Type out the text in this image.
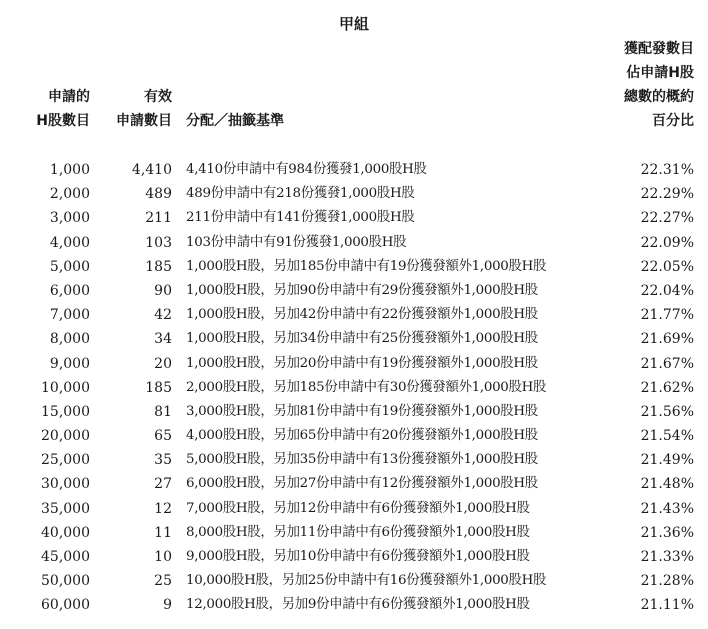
甲組
申請的
H股數目
有效
申請數目 分配／抽籤基準
獲配發數目
佔申請H股
總數的概約
百分比
1,000	4,410 4,410份申請中有984份獲發1,000股H股	22.31%
2,000	489 489份申請中有218份獲發1,000股H股	22.29%
3,000	211 211份申請中有141份獲發1,000股H股	22.27%
4,000	103 103份申請中有91份獲發1,000股H股	22.09%
5,000	185 1,000股H股，另加185份申請中有19份獲發額外1,000股H股	22.05%
6,000	90 1,000股H股，另加90份申請中有29份獲發額外1,000股H股	22.04%
7,000	42 1,000股H股，另加42份申請中有22份獲發額外1,000股H股	21.77%
8,000	34 1,000股H股，另加34份申請中有25份獲發額外1,000股H股	21.69%
9,000	20 1,000股H股，另加20份申請中有19份獲發額外1,000股H股	21.67%
10,000	185 2,000股H股，另加185份申請中有30份獲發額外1,000股H股	21.62%
15,000	81 3,000股H股，另加81份申請中有19份獲發額外1,000股H股	21.56%
20,000	65 4,000股H股，另加65份申請中有20份獲發額外1,000股H股	21.54%
25,000	35 5,000股H股，另加35份申請中有13份獲發額外1,000股H股	21.49%
30,000	27 6,000股H股，另加27份申請中有12份獲發額外1,000股H股	21.48%
35,000	12 7,000股H股，另加12份申請中有6份獲發額外1,000股H股	21.43%
40,000	11 8,000股H股，另加11份申請中有6份獲發額外1,000股H股	21.36%
45,000	10 9,000股H股，另加10份申請中有6份獲發額外1,000股H股	21.33%
50,000	25 10,000股H股，另加25份申請中有16份獲發額外1,000股H股	21.28%
60,000	9 12,000股H股，另加9份申請中有6份獲發額外1,000股H股	21.11%
